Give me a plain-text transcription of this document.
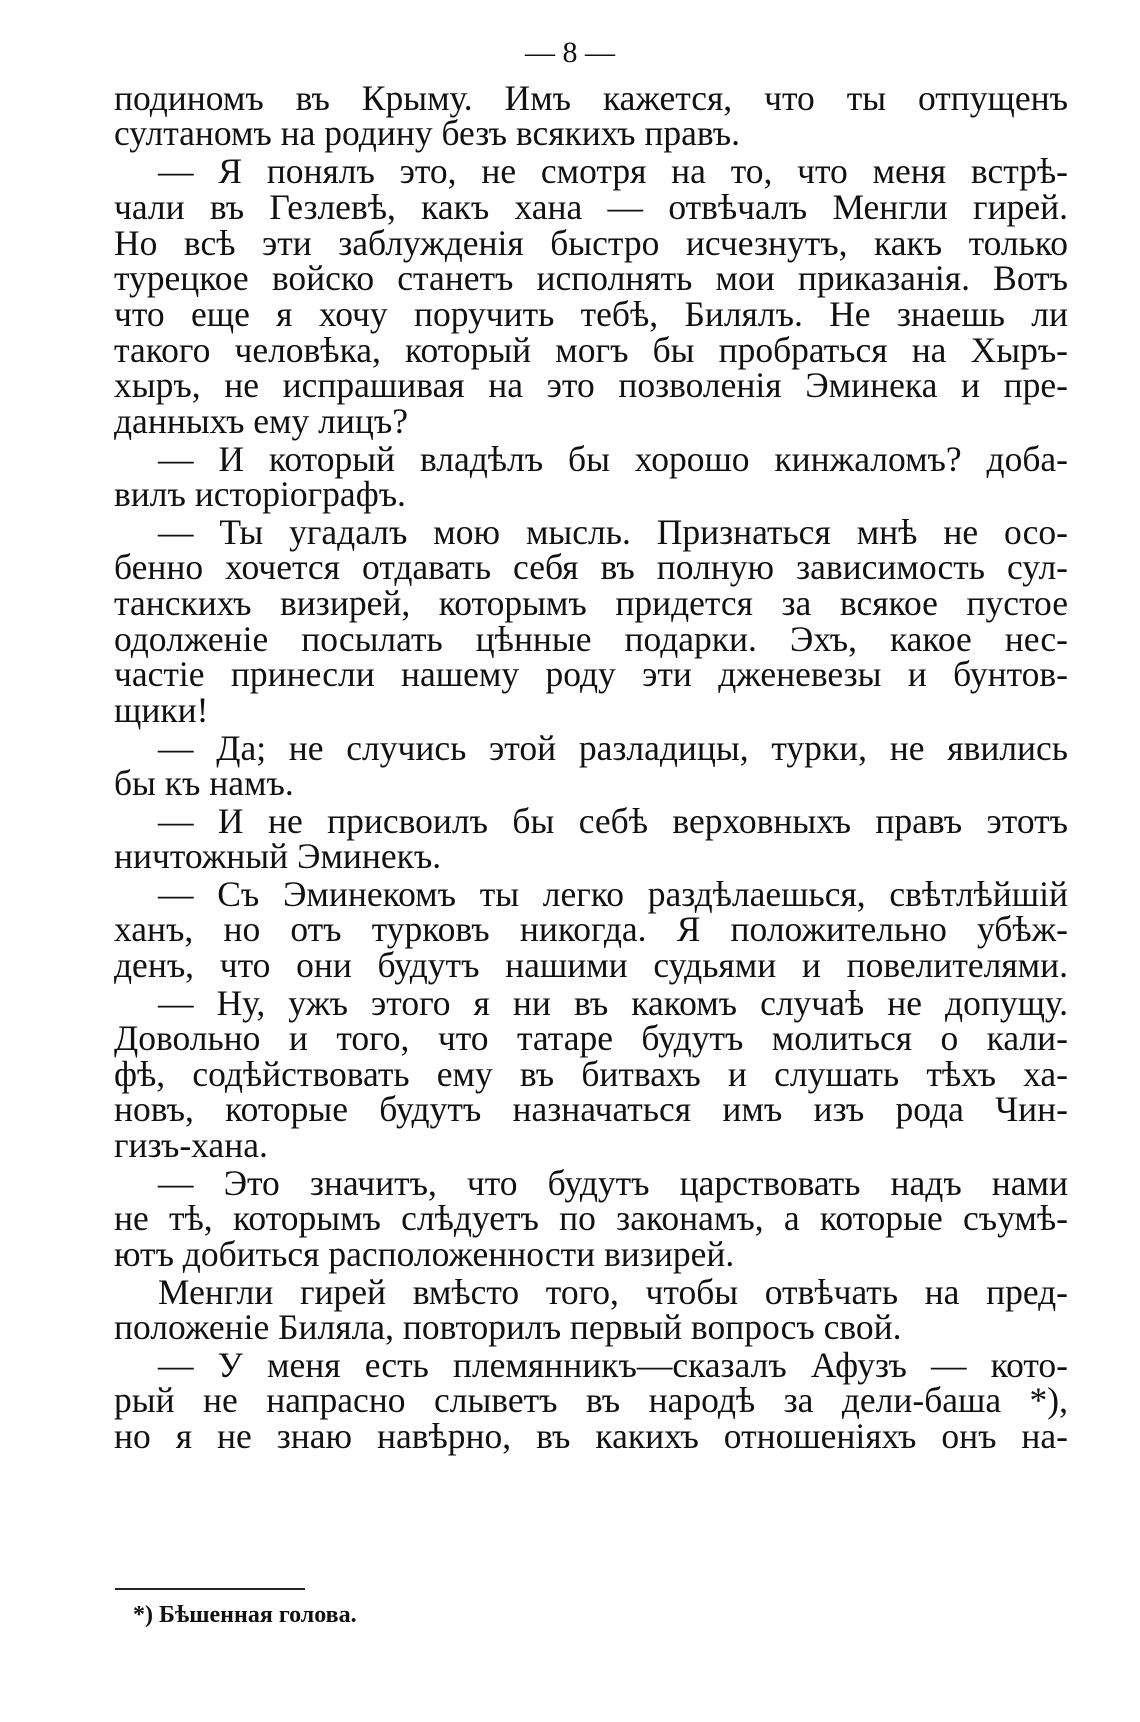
— 8 —
подиномъ въ Крыму. Имъ кажется, что ты отпущенъ
султаномъ на родину безъ всякихъ правъ.
— Я понялъ это, не смотря на то, что меня встрѣ-
чали въ Гезлевѣ, какъ хана — отвѣчалъ Менгли гирей.
Но всѣ эти заблужденія быстро исчезнутъ, какъ только
турецкое войско станетъ исполнять мои приказанія. Вотъ
что еще я хочу поручить тебѣ, Билялъ. Не знаешь ли
такого человѣка, который могъ бы пробраться на Хыръ-
хыръ, не испрашивая на это позволенія Эминека и пре-
данныхъ ему лицъ?
— И который владѣлъ бы хорошо кинжаломъ? доба-
вилъ исторіографъ.
— Ты угадалъ мою мысль. Признаться мнѣ не осо-
бенно хочется отдавать себя въ полную зависимость сул-
танскихъ визирей, которымъ придется за всякое пустое
одолженіе посылать цѣнные подарки. Эхъ, какое нес-
частіе принесли нашему роду эти дженевезы и бунтов-
щики!
— Да; не случись этой разладицы, турки, не явились
бы къ намъ.
— И не присвоилъ бы себѣ верховныхъ правъ этотъ
ничтожный Эминекъ.
— Съ Эминекомъ ты легко раздѣлаешься, свѣтлѣйшій
ханъ, но отъ турковъ никогда. Я положительно убѣж-
денъ, что они будутъ нашими судьями и повелителями.
— Ну, ужъ этого я ни въ какомъ случаѣ не допущу.
Довольно и того, что татаре будутъ молиться о кали-
фѣ, содѣйствовать ему въ битвахъ и слушать тѣхъ ха-
новъ, которые будутъ назначаться имъ изъ рода Чин-
гизъ-хана.
— Это значитъ, что будутъ царствовать надъ нами
не тѣ, которымъ слѣдуетъ по законамъ, а которые съумѣ-
ютъ добиться расположенности визирей.
Менгли гирей вмѣсто того, чтобы отвѣчать на пред-
положеніе Биляла, повторилъ первый вопросъ свой.
— У меня есть племянникъ—сказалъ Афузъ — кото-
рый не напрасно слыветъ въ народѣ за дели-баша *),
но я не знаю навѣрно, въ какихъ отношеніяхъ онъ на-
*) Бѣшенная голова.
